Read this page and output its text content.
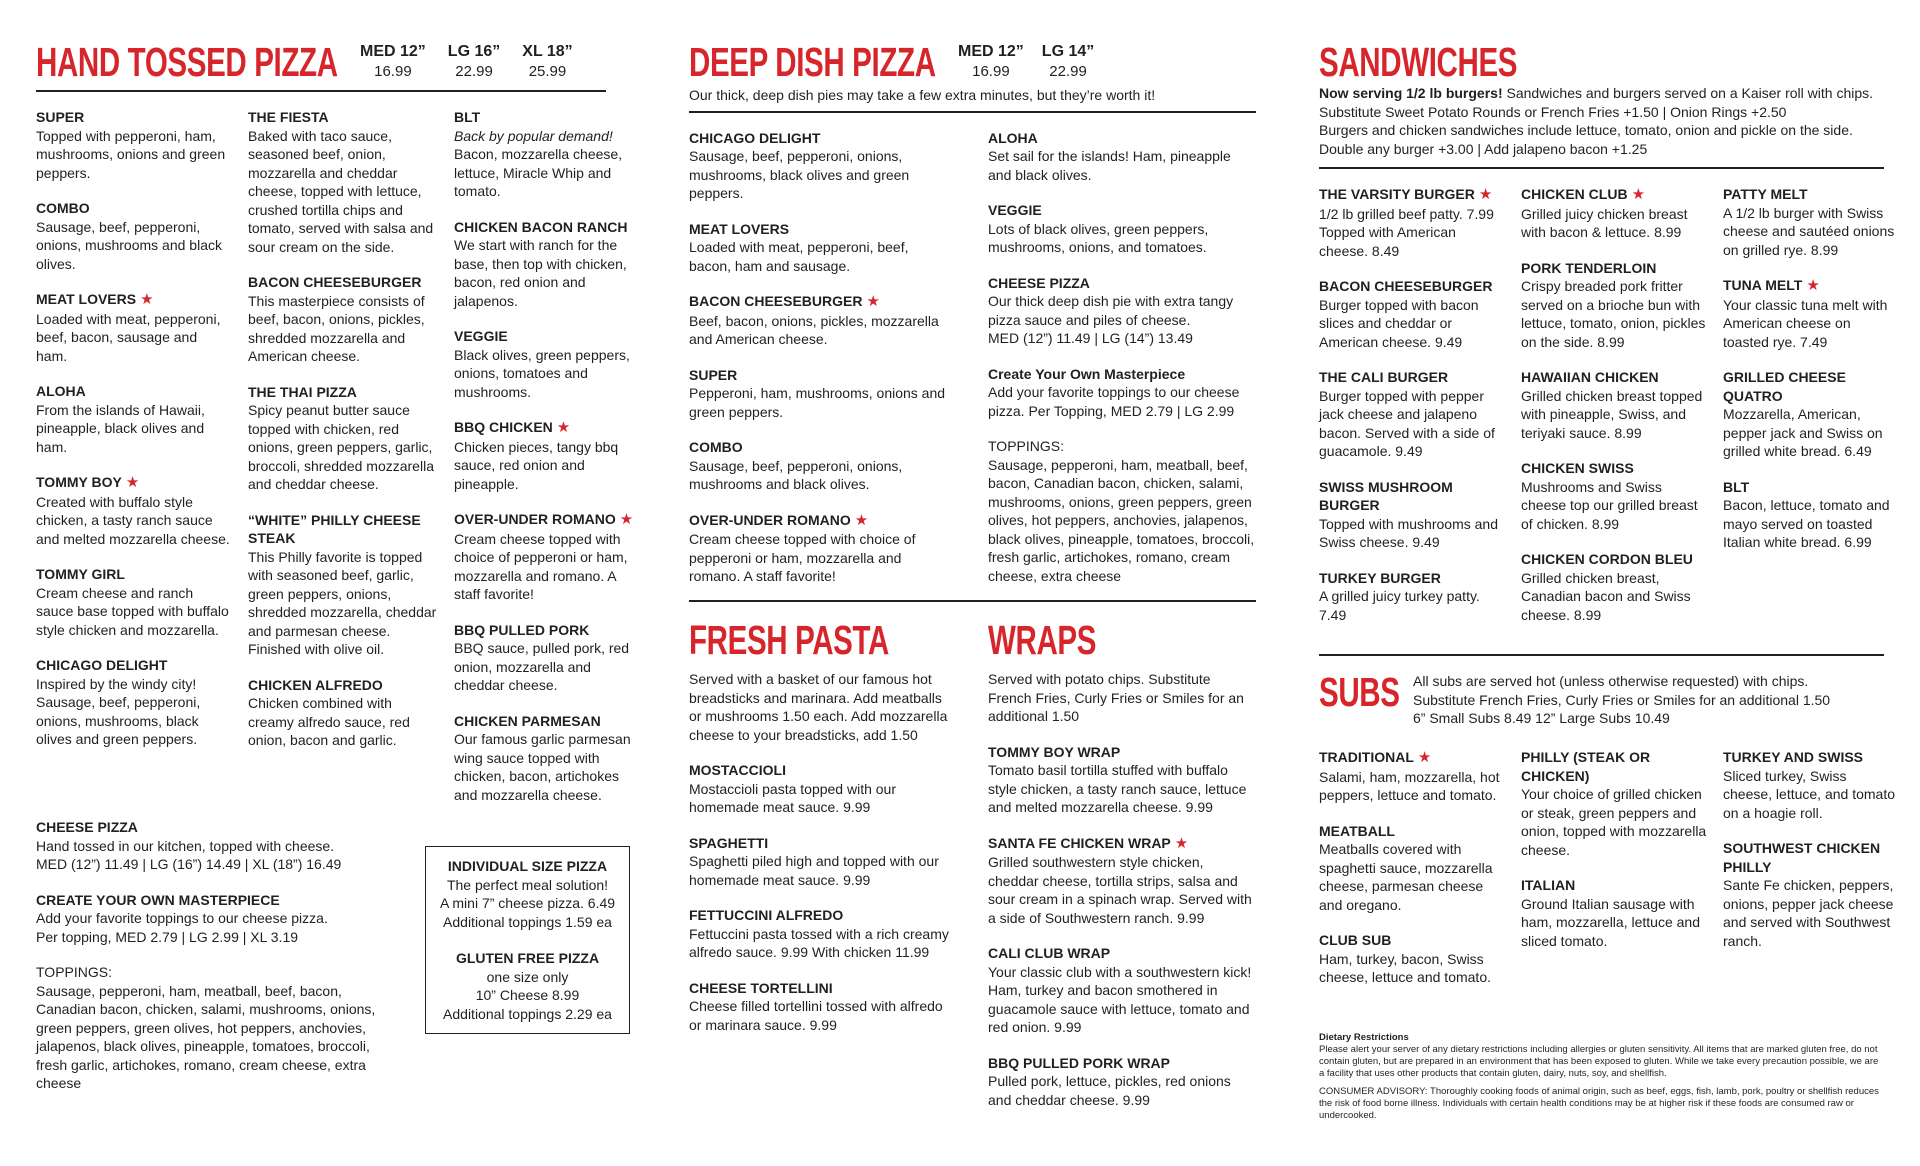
HAND TOSSED PIZZA MED 12”
16.99
LG 16”
22.99
XL 18”
25.99
SUPER
Topped with pepperoni, ham, mushrooms, onions and green peppers.
COMBO
Sausage, beef, pepperoni, onions, mushrooms and black olives.
MEAT LOVERS ★
Loaded with meat, pepperoni, beef, bacon, sausage and ham.
ALOHA
From the islands of Hawaii, pineapple, black olives and ham.
TOMMY BOY ★
Created with buffalo style chicken, a tasty ranch sauce and melted mozzarella cheese.
TOMMY GIRL
Cream cheese and ranch sauce base topped with buffalo style chicken and mozzarella.
CHICAGO DELIGHT
Inspired by the windy city! Sausage, beef, pepperoni, onions, mushrooms, black olives and green peppers.
THE FIESTA
Baked with taco sauce, seasoned beef, onion, mozzarella and cheddar cheese, topped with lettuce, crushed tortilla chips and tomato, served with salsa and sour cream on the side.
BACON CHEESEBURGER
This masterpiece consists of beef, bacon, onions, pickles, shredded mozzarella and American cheese.
THE THAI PIZZA
Spicy peanut butter sauce topped with chicken, red onions, green peppers, garlic, broccoli, shredded mozzarella and cheddar cheese.
“WHITE” PHILLY CHEESE STEAK
This Philly favorite is topped with seasoned beef, garlic, green peppers, onions, shredded mozzarella, cheddar and parmesan cheese. Finished with olive oil.
CHICKEN ALFREDO
Chicken combined with creamy alfredo sauce, red onion, bacon and garlic.
BLT
Back by popular demand!
Bacon, mozzarella cheese, lettuce, Miracle Whip and tomato.
CHICKEN BACON RANCH
We start with ranch for the base, then top with chicken, bacon, red onion and jalapenos.
VEGGIE
Black olives, green peppers, onions, tomatoes and mushrooms.
BBQ CHICKEN ★
Chicken pieces, tangy bbq sauce, red onion and pineapple.
OVER-UNDER ROMANO ★
Cream cheese topped with choice of pepperoni or ham, mozzarella and romano. A staff favorite!
BBQ PULLED PORK
BBQ sauce, pulled pork, red onion, mozzarella and cheddar cheese.
CHICKEN PARMESAN
Our famous garlic parmesan wing sauce topped with chicken, bacon, artichokes and mozzarella cheese.
CHEESE PIZZA
Hand tossed in our kitchen, topped with cheese.
MED (12”) 11.49 | LG (16”) 14.49 | XL (18”) 16.49
CREATE YOUR OWN MASTERPIECE
Add your favorite toppings to our cheese pizza.
Per topping, MED 2.79 | LG 2.99 | XL 3.19
TOPPINGS:
Sausage, pepperoni, ham, meatball, beef, bacon, Canadian bacon, chicken, salami, mushrooms, onions, green peppers, green olives, hot peppers, anchovies, jalapenos, black olives, pineapple, tomatoes, broccoli, fresh garlic, artichokes, romano, cream cheese, extra cheese
INDIVIDUAL SIZE PIZZA
The perfect meal solution!
A mini 7” cheese pizza. 6.49
Additional toppings 1.59 ea
GLUTEN FREE PIZZA
one size only
10” Cheese 8.99
Additional toppings 2.29 ea
DEEP DISH PIZZA MED 12”
16.99
LG 14”
22.99
Our thick, deep dish pies may take a few extra minutes, but they’re worth it!
CHICAGO DELIGHT
Sausage, beef, pepperoni, onions, mushrooms, black olives and green peppers.
MEAT LOVERS
Loaded with meat, pepperoni, beef, bacon, ham and sausage.
BACON CHEESEBURGER ★
Beef, bacon, onions, pickles, mozzarella and American cheese.
SUPER
Pepperoni, ham, mushrooms, onions and green peppers.
COMBO
Sausage, beef, pepperoni, onions, mushrooms and black olives.
OVER-UNDER ROMANO ★
Cream cheese topped with choice of pepperoni or ham, mozzarella and romano. A staff favorite!
ALOHA
Set sail for the islands! Ham, pineapple and black olives.
VEGGIE
Lots of black olives, green peppers, mushrooms, onions, and tomatoes.
CHEESE PIZZA
Our thick deep dish pie with extra tangy pizza sauce and piles of cheese.
MED (12”) 11.49 | LG (14”) 13.49
Create Your Own Masterpiece
Add your favorite toppings to our cheese pizza. Per Topping, MED 2.79 | LG 2.99
TOPPINGS:
Sausage, pepperoni, ham, meatball, beef, bacon, Canadian bacon, chicken, salami, mushrooms, onions, green peppers, green olives, hot peppers, anchovies, jalapenos, black olives, pineapple, tomatoes, broccoli, fresh garlic, artichokes, romano, cream cheese, extra cheese
FRESH PASTA
Served with a basket of our famous hot breadsticks and marinara. Add meatballs or mushrooms 1.50 each. Add mozzarella cheese to your breadsticks, add 1.50
MOSTACCIOLI
Mostaccioli pasta topped with our homemade meat sauce. 9.99
SPAGHETTI
Spaghetti piled high and topped with our homemade meat sauce. 9.99
FETTUCCINI ALFREDO
Fettuccini pasta tossed with a rich creamy alfredo sauce. 9.99 With chicken 11.99
CHEESE TORTELLINI
Cheese filled tortellini tossed with alfredo or marinara sauce. 9.99
WRAPS
Served with potato chips. Substitute French Fries, Curly Fries or Smiles for an additional 1.50
TOMMY BOY WRAP
Tomato basil tortilla stuffed with buffalo style chicken, a tasty ranch sauce, lettuce and melted mozzarella cheese. 9.99
SANTA FE CHICKEN WRAP ★
Grilled southwestern style chicken, cheddar cheese, tortilla strips, salsa and sour cream in a spinach wrap. Served with a side of Southwestern ranch. 9.99
CALI CLUB WRAP
Your classic club with a southwestern kick! Ham, turkey and bacon smothered in guacamole sauce with lettuce, tomato and red onion. 9.99
BBQ PULLED PORK WRAP
Pulled pork, lettuce, pickles, red onions and cheddar cheese. 9.99
SANDWICHES
Now serving 1/2 lb burgers! Sandwiches and burgers served on a Kaiser roll with chips.
Substitute Sweet Potato Rounds or French Fries +1.50 | Onion Rings +2.50
Burgers and chicken sandwiches include lettuce, tomato, onion and pickle on the side.
Double any burger +3.00 | Add jalapeno bacon +1.25
THE VARSITY BURGER ★
1/2 lb grilled beef patty. 7.99 Topped with American cheese. 8.49
BACON CHEESEBURGER
Burger topped with bacon slices and cheddar or American cheese. 9.49
THE CALI BURGER
Burger topped with pepper jack cheese and jalapeno bacon. Served with a side of guacamole. 9.49
SWISS MUSHROOM BURGER
Topped with mushrooms and Swiss cheese. 9.49
TURKEY BURGER
A grilled juicy turkey patty. 7.49
CHICKEN CLUB ★
Grilled juicy chicken breast with bacon & lettuce. 8.99
PORK TENDERLOIN
Crispy breaded pork fritter served on a brioche bun with lettuce, tomato, onion, pickles on the side. 8.99
HAWAIIAN CHICKEN
Grilled chicken breast topped with pineapple, Swiss, and teriyaki sauce. 8.99
CHICKEN SWISS
Mushrooms and Swiss cheese top our grilled breast of chicken. 8.99
CHICKEN CORDON BLEU
Grilled chicken breast, Canadian bacon and Swiss cheese. 8.99
PATTY MELT
A 1/2 lb burger with Swiss cheese and sautéed onions on grilled rye. 8.99
TUNA MELT ★
Your classic tuna melt with American cheese on toasted rye. 7.49
GRILLED CHEESE QUATRO
Mozzarella, American, pepper jack and Swiss on grilled white bread. 6.49
BLT
Bacon, lettuce, tomato and mayo served on toasted Italian white bread. 6.99
SUBS All subs are served hot (unless otherwise requested) with chips.
Substitute French Fries, Curly Fries or Smiles for an additional 1.50
6” Small Subs 8.49 12” Large Subs 10.49
TRADITIONAL ★
Salami, ham, mozzarella, hot peppers, lettuce and tomato.
MEATBALL
Meatballs covered with spaghetti sauce, mozzarella cheese, parmesan cheese and oregano.
CLUB SUB
Ham, turkey, bacon, Swiss cheese, lettuce and tomato.
PHILLY (STEAK OR CHICKEN)
Your choice of grilled chicken or steak, green peppers and onion, topped with mozzarella cheese.
ITALIAN
Ground Italian sausage with ham, mozzarella, lettuce and sliced tomato.
TURKEY AND SWISS
Sliced turkey, Swiss cheese, lettuce, and tomato on a hoagie roll.
SOUTHWEST CHICKEN PHILLY
Sante Fe chicken, peppers, onions, pepper jack cheese and served with Southwest ranch.
Dietary Restrictions
Please alert your server of any dietary restrictions including allergies or gluten sensitivity. All items that are marked gluten free, do not contain gluten, but are prepared in an environment that has been exposed to gluten. While we take every precaution possible, we are a facility that uses other products that contain gluten, dairy, nuts, soy, and shellfish.
CONSUMER ADVISORY: Thoroughly cooking foods of animal origin, such as beef, eggs, fish, lamb, pork, poultry or shellfish reduces the risk of food borne illness. Individuals with certain health conditions may be at higher risk if these foods are consumed raw or undercooked.
